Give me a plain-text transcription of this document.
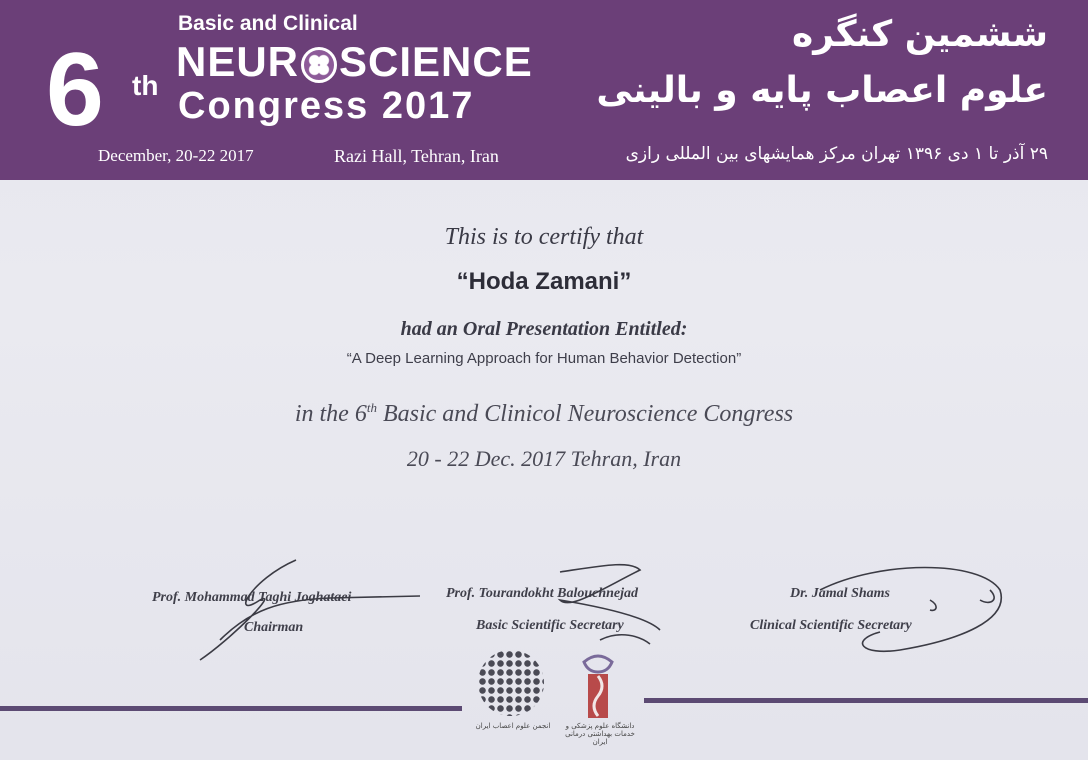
6 th
Basic and Clinical
NEUR SCIENCE
Congress 2017
ششمین کنگره
علوم اعصاب پایه و بالینی
December, 20-22 2017	Razi Hall, Tehran, Iran	۲۹ آذر تا ۱ دی ۱۳۹۶ تهران مرکز همایشهای بین المللی رازی
This is to certify that
“Hoda Zamani”
had an Oral Presentation Entitled:
“A Deep Learning Approach for Human Behavior Detection”
in the 6th Basic and Clinicol Neuroscience Congress
20 - 22 Dec. 2017 Tehran, Iran
Prof. Mohammad Taghi Joghataei
Chairman
Prof. Tourandokht Balouchnejad
Basic Scientific Secretary
Dr. Jamal Shams
Clinical Scientific Secretary
انجمن علوم اعصاب ایران	دانشگاه علوم پزشکی و خدمات بهداشتی درمانی ایران
